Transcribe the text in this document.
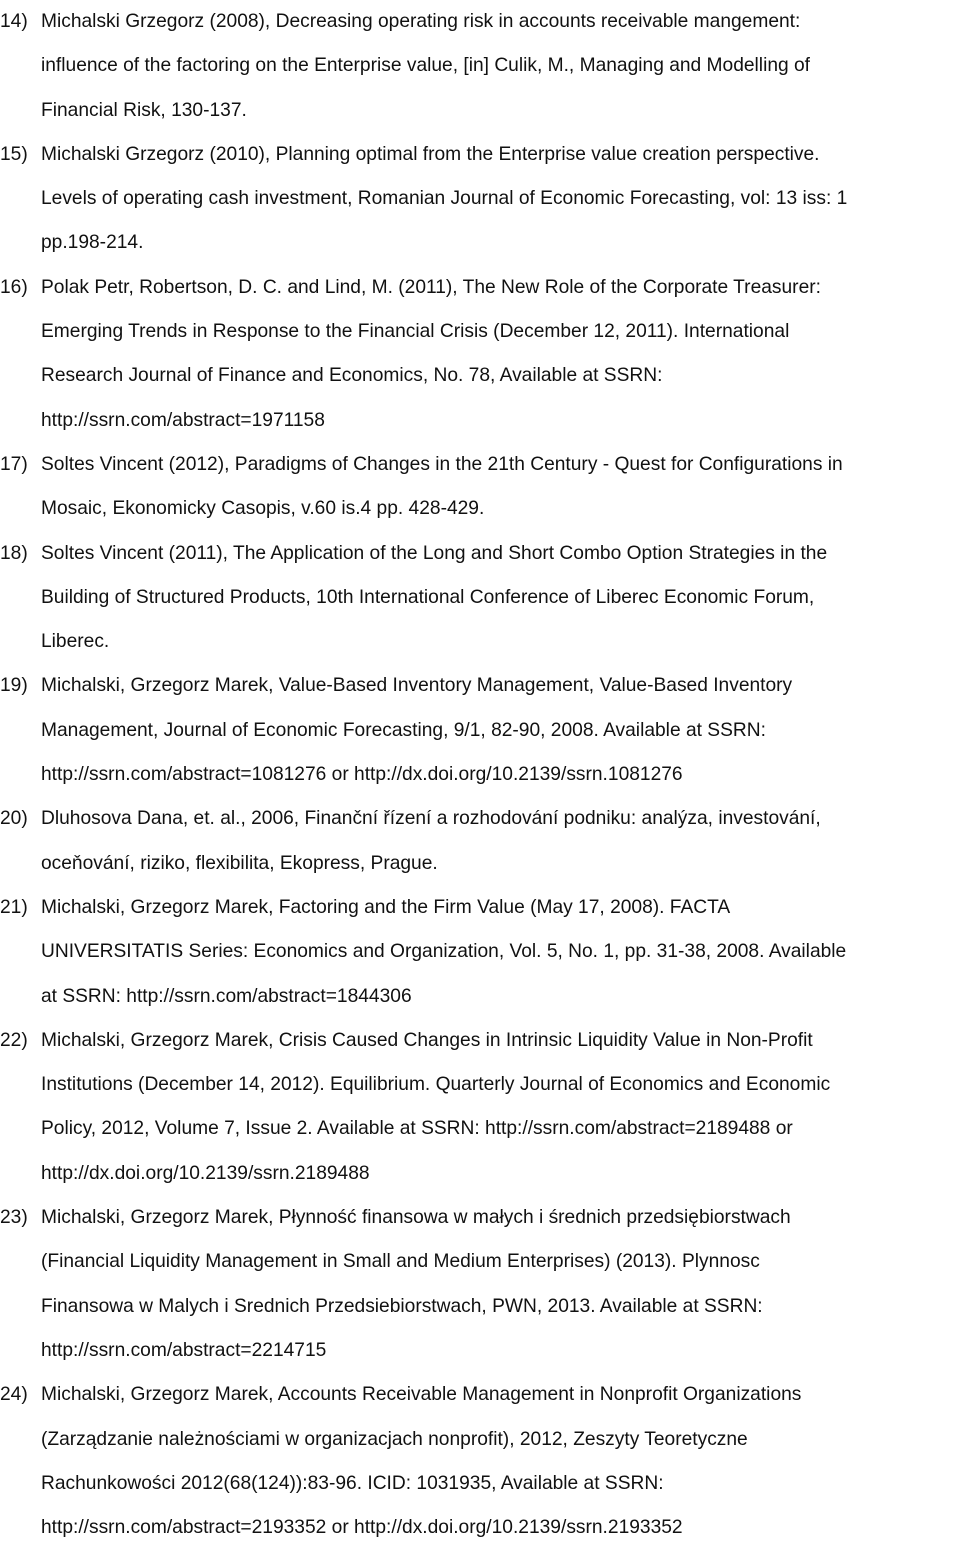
14) Michalski Grzegorz (2008), Decreasing operating risk in accounts receivable mangement:
influence of the factoring on the Enterprise value, [in] Culik, M., Managing and Modelling of
Financial Risk, 130-137.
15) Michalski Grzegorz (2010), Planning optimal from the Enterprise value creation perspective.
Levels of operating cash investment, Romanian Journal of Economic Forecasting, vol: 13 iss: 1
pp.198-214.
16) Polak Petr, Robertson, D. C. and Lind, M. (2011), The New Role of the Corporate Treasurer:
Emerging Trends in Response to the Financial Crisis (December 12, 2011). International
Research Journal of Finance and Economics, No. 78, Available at SSRN:
http://ssrn.com/abstract=1971158
17) Soltes Vincent (2012), Paradigms of Changes in the 21th Century - Quest for Configurations in
Mosaic, Ekonomicky Casopis, v.60 is.4 pp. 428-429.
18) Soltes Vincent (2011), The Application of the Long and Short Combo Option Strategies in the
Building of Structured Products, 10th International Conference of Liberec Economic Forum,
Liberec.
19) Michalski, Grzegorz Marek, Value-Based Inventory Management, Value-Based Inventory
Management, Journal of Economic Forecasting, 9/1, 82-90, 2008. Available at SSRN:
http://ssrn.com/abstract=1081276 or http://dx.doi.org/10.2139/ssrn.1081276
20) Dluhosova Dana, et. al., 2006, Finanční řízení a rozhodování podniku: analýza, investování,
oceňování, riziko, flexibilita, Ekopress, Prague.
21) Michalski, Grzegorz Marek, Factoring and the Firm Value (May 17, 2008). FACTA
UNIVERSITATIS Series: Economics and Organization, Vol. 5, No. 1, pp. 31-38, 2008. Available
at SSRN: http://ssrn.com/abstract=1844306
22) Michalski, Grzegorz Marek, Crisis Caused Changes in Intrinsic Liquidity Value in Non-Profit
Institutions (December 14, 2012). Equilibrium. Quarterly Journal of Economics and Economic
Policy, 2012, Volume 7, Issue 2. Available at SSRN: http://ssrn.com/abstract=2189488 or
http://dx.doi.org/10.2139/ssrn.2189488
23) Michalski, Grzegorz Marek, Płynność finansowa w małych i średnich przedsiębiorstwach
(Financial Liquidity Management in Small and Medium Enterprises) (2013). Plynnosc
Finansowa w Malych i Srednich Przedsiebiorstwach, PWN, 2013. Available at SSRN:
http://ssrn.com/abstract=2214715
24) Michalski, Grzegorz Marek, Accounts Receivable Management in Nonprofit Organizations
(Zarządzanie należnościami w organizacjach nonprofit), 2012, Zeszyty Teoretyczne
Rachunkowości 2012(68(124)):83-96. ICID: 1031935, Available at SSRN:
http://ssrn.com/abstract=2193352 or http://dx.doi.org/10.2139/ssrn.2193352
